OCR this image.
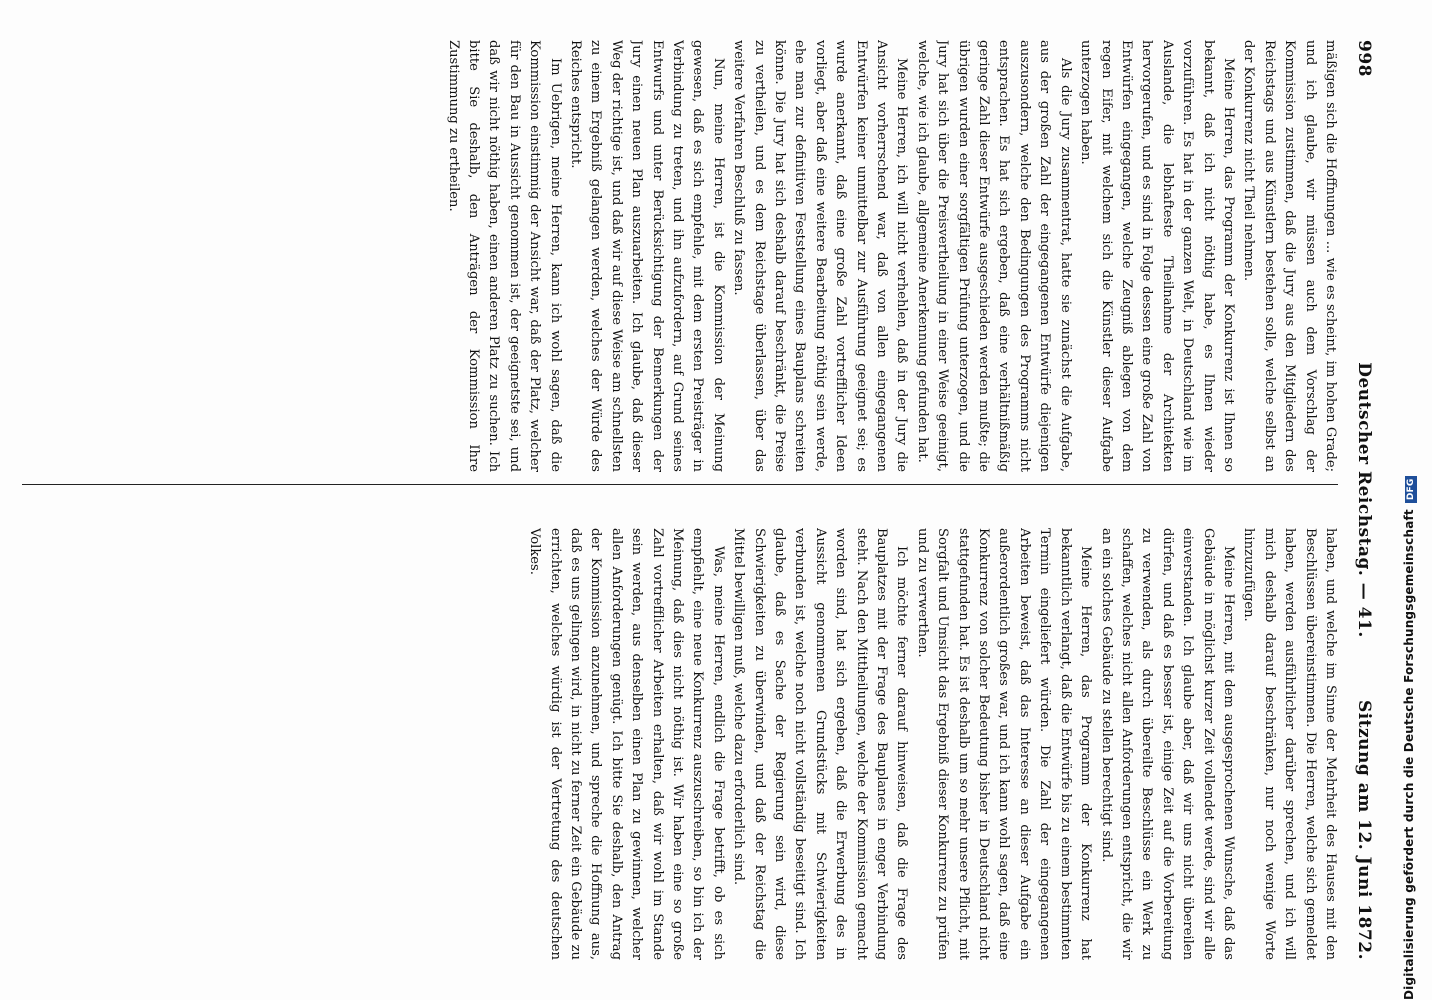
998
Deutscher Reichstag. — 41.
Sitzung am 12. Juni 1872.

mäßigen sich die Hoffnungen ... wie es scheint, im hohen Grade; und ich glaube, wir müssen auch dem Vorschlag der Kommission zustimmen, daß die Jury aus den Mitgliedern des Reichstags und aus Künstlern bestehen solle, welche selbst an der Konkurrenz nicht Theil nehmen.

Meine Herren, das Programm der Konkurrenz ist Ihnen so bekannt, daß ich nicht nöthig habe, es Ihnen wieder vorzuführen. Es hat in der ganzen Welt, in Deutschland wie im Auslande, die lebhafteste Theilnahme der Architekten hervorgerufen, und es sind in Folge dessen eine große Zahl von Entwürfen eingegangen, welche Zeugniß ablegen von dem regen Eifer, mit welchem sich die Künstler dieser Aufgabe unterzogen haben.

Als die Jury zusammentrat, hatte sie zunächst die Aufgabe, aus der großen Zahl der eingegangenen Entwürfe diejenigen auszusondern, welche den Bedingungen des Programms nicht entsprachen. Es hat sich ergeben, daß eine verhältnißmäßig geringe Zahl dieser Entwürfe ausgeschieden werden mußte; die übrigen wurden einer sorgfältigen Prüfung unterzogen, und die Jury hat sich über die Preisvertheilung in einer Weise geeinigt, welche, wie ich glaube, allgemeine Anerkennung gefunden hat.

Meine Herren, ich will nicht verhehlen, daß in der Jury die Ansicht vorherrschend war, daß von allen eingegangenen Entwürfen keiner unmittelbar zur Ausführung geeignet sei; es wurde anerkannt, daß eine große Zahl vortrefflicher Ideen vorliegt, aber daß eine weitere Bearbeitung nöthig sein werde, ehe man zur definitiven Feststellung eines Bauplans schreiten könne. Die Jury hat sich deshalb darauf beschränkt, die Preise zu vertheilen, und es dem Reichstage überlassen, über das weitere Verfahren Beschluß zu fassen.

Nun, meine Herren, ist die Kommission der Meinung gewesen, daß es sich empfehle, mit dem ersten Preisträger in Verbindung zu treten, und ihn aufzufordern, auf Grund seines Entwurfs und unter Berücksichtigung der Bemerkungen der Jury einen neuen Plan auszuarbeiten. Ich glaube, daß dieser Weg der richtige ist, und daß wir auf diese Weise am schnellsten zu einem Ergebniß gelangen werden, welches der Würde des Reiches entspricht.

Im Uebrigen, meine Herren, kann ich wohl sagen, daß die Kommission einstimmig der Ansicht war, daß der Platz, welcher für den Bau in Aussicht genommen ist, der geeignetste sei, und daß wir nicht nöthig haben, einen anderen Platz zu suchen. Ich bitte Sie deshalb, den Anträgen der Kommission Ihre Zustimmung zu ertheilen.

haben, und welche im Sinne der Mehrheit des Hauses mit den Beschlüssen übereinstimmen. Die Herren, welche sich gemeldet haben, werden ausführlicher darüber sprechen, und ich will mich deshalb darauf beschränken, nur noch wenige Worte hinzuzufügen.

Meine Herren, mit dem ausgesprochenen Wunsche, daß das Gebäude in möglichst kurzer Zeit vollendet werde, sind wir alle einverstanden. Ich glaube aber, daß wir uns nicht übereilen dürfen, und daß es besser ist, einige Zeit auf die Vorbereitung zu verwenden, als durch übereilte Beschlüsse ein Werk zu schaffen, welches nicht allen Anforderungen entspricht, die wir an ein solches Gebäude zu stellen berechtigt sind.

Meine Herren, das Programm der Konkurrenz hat bekanntlich verlangt, daß die Entwürfe bis zu einem bestimmten Termin eingeliefert würden. Die Zahl der eingegangenen Arbeiten beweist, daß das Interesse an dieser Aufgabe ein außerordentlich großes war, und ich kann wohl sagen, daß eine Konkurrenz von solcher Bedeutung bisher in Deutschland nicht stattgefunden hat. Es ist deshalb um so mehr unsere Pflicht, mit Sorgfalt und Umsicht das Ergebniß dieser Konkurrenz zu prüfen und zu verwerthen.

Ich möchte ferner darauf hinweisen, daß die Frage des Bauplatzes mit der Frage des Bauplanes in enger Verbindung steht. Nach den Mittheilungen, welche der Kommission gemacht worden sind, hat sich ergeben, daß die Erwerbung des in Aussicht genommenen Grundstücks mit Schwierigkeiten verbunden ist, welche noch nicht vollständig beseitigt sind. Ich glaube, daß es Sache der Regierung sein wird, diese Schwierigkeiten zu überwinden, und daß der Reichstag die Mittel bewilligen muß, welche dazu erforderlich sind.

Was, meine Herren, endlich die Frage betrifft, ob es sich empfiehlt, eine neue Konkurrenz auszuschreiben, so bin ich der Meinung, daß dies nicht nöthig ist. Wir haben eine so große Zahl vortrefflicher Arbeiten erhalten, daß wir wohl im Stande sein werden, aus denselben einen Plan zu gewinnen, welcher allen Anforderungen genügt. Ich bitte Sie deshalb, den Antrag der Kommission anzunehmen, und spreche die Hoffnung aus, daß es uns gelingen wird, in nicht zu ferner Zeit ein Gebäude zu errichten, welches würdig ist der Vertretung des deutschen Volkes.	Digitalisierung gefördert durch die Deutsche ForschungsgemeinschaftDFG
